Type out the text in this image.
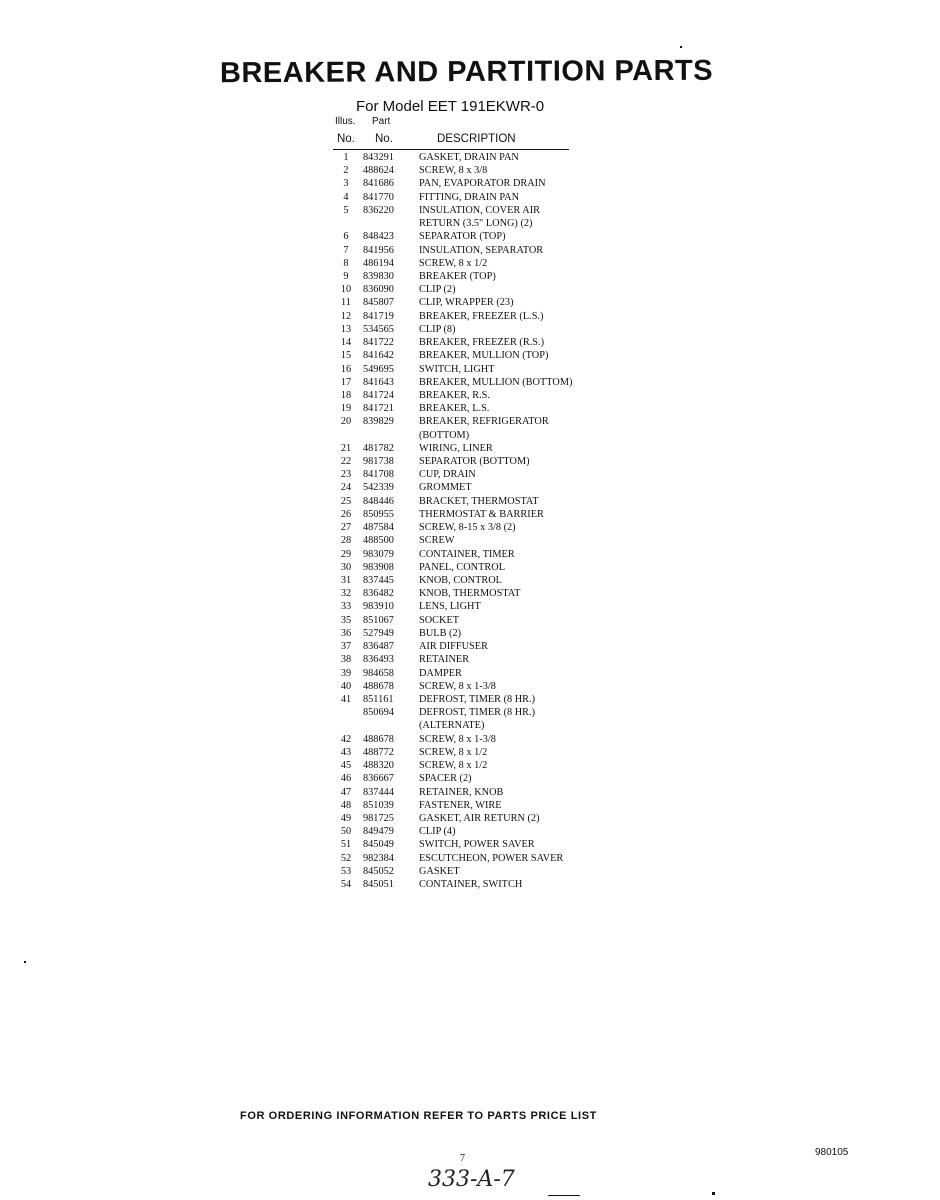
BREAKER AND PARTITION PARTS
For Model EET 191EKWR-0
Illus. Part
No. No.	DESCRIPTION
1	843291 GASKET, DRAIN PAN
2	488624 SCREW, 8 x 3/8
3	841686 PAN, EVAPORATOR DRAIN
4	841770 FITTING, DRAIN PAN
5	836220 INSULATION, COVER AIR
RETURN (3.5" LONG) (2)
6	848423 SEPARATOR (TOP)
7	841956 INSULATION, SEPARATOR
8	486194 SCREW, 8 x 1/2
9	839830 BREAKER (TOP)
10	836090 CLIP (2)
11	845807 CLIP, WRAPPER (23)
12	841719 BREAKER, FREEZER (L.S.)
13	534565 CLIP (8)
14	841722 BREAKER, FREEZER (R.S.)
15	841642 BREAKER, MULLION (TOP)
16	549695 SWITCH, LIGHT
17	841643 BREAKER, MULLION (BOTTOM)
18	841724 BREAKER, R.S.
19	841721 BREAKER, L.S.
20	839829 BREAKER, REFRIGERATOR
(BOTTOM)
21	481782 WIRING, LINER
22	981738 SEPARATOR (BOTTOM)
23	841708 CUP, DRAIN
24	542339 GROMMET
25	848446 BRACKET, THERMOSTAT
26	850955 THERMOSTAT & BARRIER
27	487584 SCREW, 8-15 x 3/8 (2)
28	488500 SCREW
29	983079 CONTAINER, TIMER
30	983908 PANEL, CONTROL
31	837445 KNOB, CONTROL
32	836482 KNOB, THERMOSTAT
33	983910 LENS, LIGHT
35	851067 SOCKET
36	527949 BULB (2)
37	836487 AIR DIFFUSER
38	836493 RETAINER
39	984658 DAMPER
40	488678 SCREW, 8 x 1-3/8
41	851161 DEFROST, TIMER (8 HR.)
850694 DEFROST, TIMER (8 HR.)
(ALTERNATE)
42	488678 SCREW, 8 x 1-3/8
43	488772 SCREW, 8 x 1/2
45	488320 SCREW, 8 x 1/2
46	836667 SPACER (2)
47	837444 RETAINER, KNOB
48	851039 FASTENER, WIRE
49	981725 GASKET, AIR RETURN (2)
50	849479 CLIP (4)
51	845049 SWITCH, POWER SAVER
52	982384 ESCUTCHEON, POWER SAVER
53	845052 GASKET
54	845051 CONTAINER, SWITCH
FOR ORDERING INFORMATION REFER TO PARTS PRICE LIST
7
980105
333-A-7
